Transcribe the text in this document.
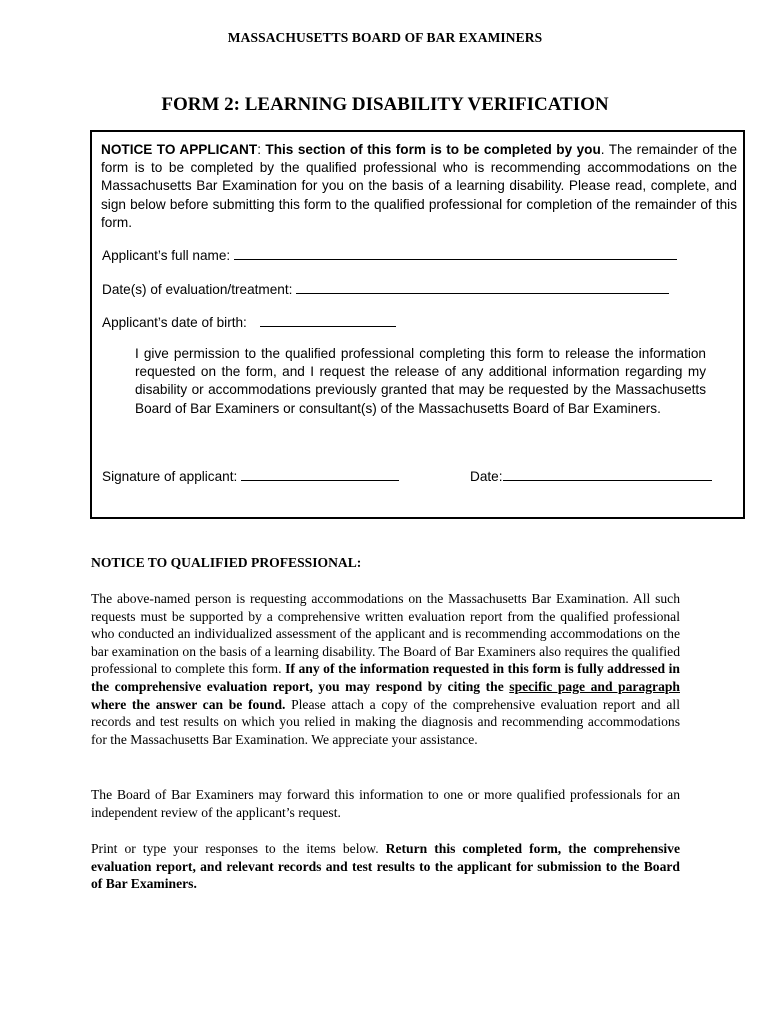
MASSACHUSETTS BOARD OF BAR EXAMINERS
FORM 2: LEARNING DISABILITY VERIFICATION
NOTICE TO APPLICANT: This section of this form is to be completed by you. The remainder of the form is to be completed by the qualified professional who is recommending accommodations on the Massachusetts Bar Examination for you on the basis of a learning disability. Please read, complete, and sign below before submitting this form to the qualified professional for completion of the remainder of this form.
Applicant’s full name:
Date(s) of evaluation/treatment:
Applicant’s date of birth:
I give permission to the qualified professional completing this form to release the information requested on the form, and I request the release of any additional information regarding my disability or accommodations previously granted that may be requested by the Massachusetts Board of Bar Examiners or consultant(s) of the Massachusetts Board of Bar Examiners.
Signature of applicant:	Date:
NOTICE TO QUALIFIED PROFESSIONAL:
The above-named person is requesting accommodations on the Massachusetts Bar Examination. All such requests must be supported by a comprehensive written evaluation report from the qualified professional who conducted an individualized assessment of the applicant and is recommending accommodations on the bar examination on the basis of a learning disability. The Board of Bar Examiners also requires the qualified professional to complete this form. If any of the information requested in this form is fully addressed in the comprehensive evaluation report, you may respond by citing the specific page and paragraph where the answer can be found. Please attach a copy of the comprehensive evaluation report and all records and test results on which you relied in making the diagnosis and recommending accommodations for the Massachusetts Bar Examination. We appreciate your assistance.
The Board of Bar Examiners may forward this information to one or more qualified professionals for an independent review of the applicant’s request.
Print or type your responses to the items below. Return this completed form, the comprehensive evaluation report, and relevant records and test results to the applicant for submission to the Board of Bar Examiners.
